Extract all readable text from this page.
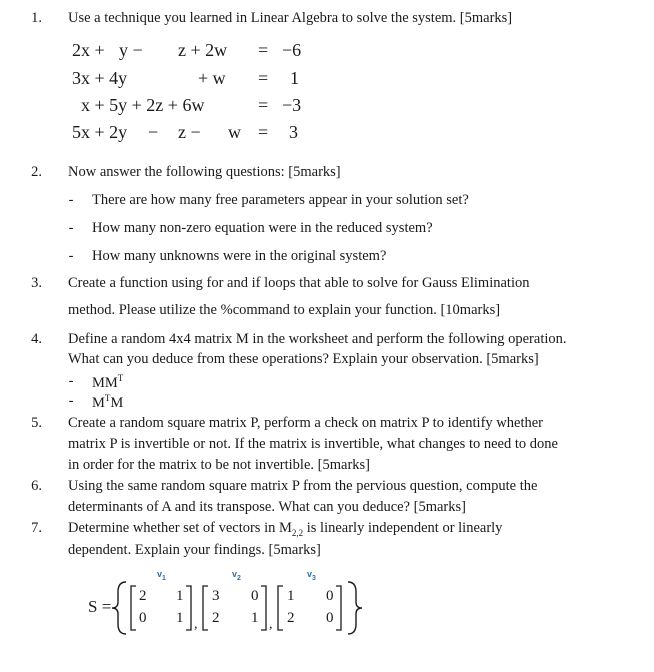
1. Use a technique you learned in Linear Algebra to solve the system. [5marks]
2x + y − z + 2w = −6
3x + 4y	+ w = 1
x + 5y + 2z + 6w	= −3
5x + 2y − z − w = 3
2. Now answer the following questions: [5marks]
- There are how many free parameters appear in your solution set?
- How many non-zero equation were in the reduced system?
- How many unknowns were in the original system?
3. Create a function using for and if loops that able to solve for Gauss Elimination
method. Please utilize the %command to explain your function. [10marks]
4. Define a random 4x4 matrix M in the worksheet and perform the following operation.
What can you deduce from these operations? Explain your observation. [5marks]
- $MM^T$
- $M^TM$
5. Create a random square matrix P, perform a check on matrix P to identify whether
matrix P is invertible or not. If the matrix is invertible, what changes to need to done
in order for the matrix to be not invertible. [5marks]
6. Using the same random square matrix P from the pervious question, compute the
determinants of A and its transpose. What can you deduce? [5marks]
7. Determine whether set of vectors in $M_{2,2}$ is linearly independent or linearly
dependent. Explain your findings. [5marks]
$v_1$	$v_2$	$v_3$
S =
,	,
2 1
0 1
3 0
2 1
1 0
2 0
